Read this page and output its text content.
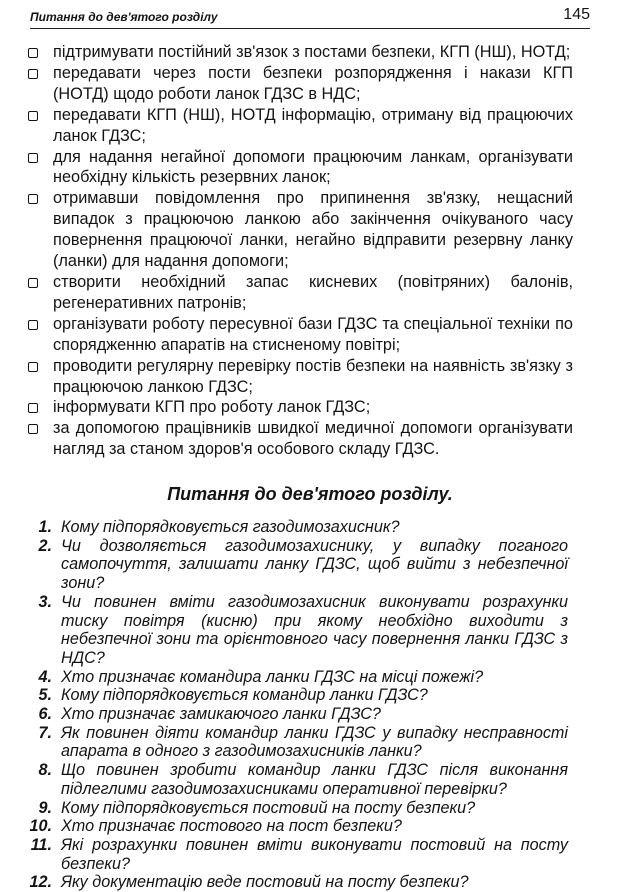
Питання до дев'ятого розділу	145
підтримувати постійний зв'язок з постами безпеки, КГП (НШ), НОТД;
передавати через пости безпеки розпорядження і накази КГП (НОТД) щодо роботи ланок ГДЗС в НДС;
передавати КГП (НШ), НОТД інформацію, отриману від працюючих ланок ГДЗС;
для надання негайної допомоги працюючим ланкам, організувати необхідну кількість резервних ланок;
отримавши повідомлення про припинення зв'язку, нещасний випадок з працюючою ланкою або закінчення очікуваного часу повернення працюючої ланки, негайно відправити резервну ланку (ланки) для надання допомоги;
створити необхідний запас кисневих (повітряних) балонів, регенеративних патронів;
організувати роботу пересувної бази ГДЗС та спеціальної техніки по спорядженню апаратів на стисненому повітрі;
проводити регулярну перевірку постів безпеки на наявність зв'язку з працюючою ланкою ГДЗС;
інформувати КГП про роботу ланок ГДЗС;
за допомогою працівників швидкої медичної допомоги організувати нагляд за станом здоров'я особового складу ГДЗС.
Питання до дев'ятого розділу.
1. Кому підпорядковується газодимозахисник?
2. Чи дозволяється газодимозахиснику, у випадку поганого самопочуття, залишати ланку ГДЗС, щоб вийти з небезпечної зони?
3. Чи повинен вміти газодимозахисник виконувати розрахунки тиску повітря (кисню) при якому необхідно виходити з небезпечної зони та орієнтовного часу повернення ланки ГДЗС з НДС?
4. Хто призначає командира ланки ГДЗС на місці пожежі?
5. Кому підпорядковується командир ланки ГДЗС?
6. Хто призначає замикаючого ланки ГДЗС?
7. Як повинен діяти командир ланки ГДЗС у випадку несправності апарата в одного з газодимозахисників ланки?
8. Що повинен зробити командир ланки ГДЗС після виконання підлеглими газодимозахисниками оперативної перевірки?
9. Кому підпорядковується постовий на посту безпеки?
10. Хто призначає постового на пост безпеки?
11. Які розрахунки повинен вміти виконувати постовий на посту безпеки?
12. Яку документацію веде постовий на посту безпеки?
